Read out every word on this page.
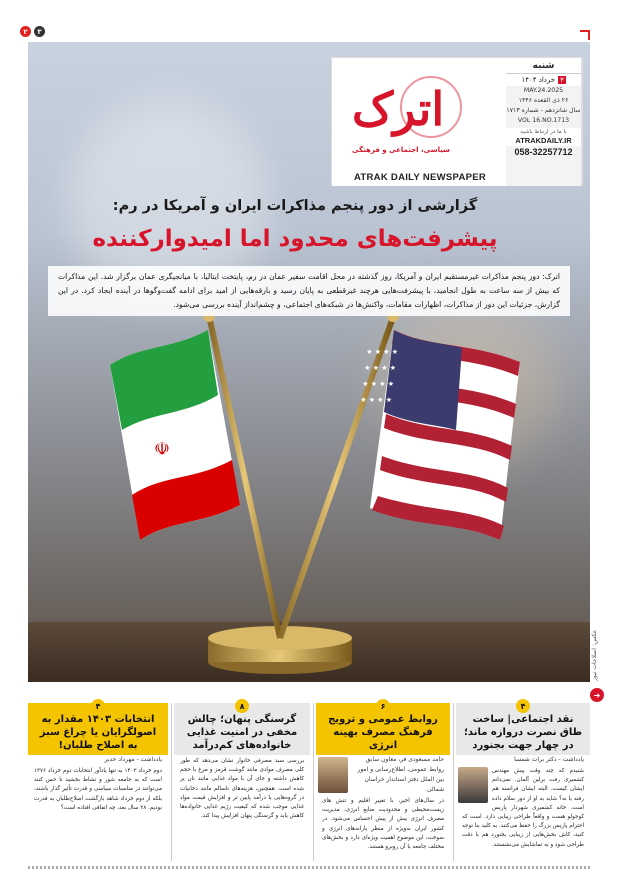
۲	۳
☫
★ ★ ★ ★
★ ★ ★ ★
★ ★ ★ ★
★ ★ ★ ★
اترک
سیاسی، اجتماعی و فرهنگی
ATRAK DAILY NEWSPAPER
شنبه
۳
خرداد ۱۴۰۴
MAY.24.2025
۲۶ ذی القعده ۱۴۴۶
سال شانزدهم - شماره ۱۷۱۳
VOL 16.NO.1713
با ما در ارتباط باشید
ATRAKDAILY.IR
058-32257712
گزارشی از دور پنجم مذاکرات ایران و آمریکا در رم:
پیشرفت‌های محدود اما امیدوارکننده
اترک: دور پنجم مذاکرات غیرمستقیم ایران و آمریکا، روز گذشته در محل اقامت سفیر عمان در رم، پایتخت ایتالیا، با میانجیگری عمان برگزار شد. این مذاکرات که بیش از سه ساعت به طول انجامید، با پیشرفت‌هایی هرچند غیرقطعی به پایان رسید و بارقه‌هایی از امید برای ادامه گفت‌وگوها در آینده ایجاد کرد. در این گزارش، جزئیات این دور از مذاکرات، اظهارات مقامات، واکنش‌ها در شبکه‌های اجتماعی، و چشم‌انداز آینده بررسی می‌شود.
عکس: اصلاحات نیوز
➜
۴
نقد اجتماعی| ساخت طاق نصرت دروازه ماند؛ در چهار جهت بجنورد
یادداشت - دکتر برات شمسا
شنیدم که چند وقت پیش مهندس کشمیری رفت برلین آلمان. نمی‌دانم ایشان کیست. البته ایشان فرانسه هم رفته یا نه؟ شاید به او از دور سلام داده است. خانه کشمیری شهردار پاریس کوجولو هست و واقعاً طراحی زیبایی دارد. است که احترام پاریس بزرگ را حفظ می‌کنند. به کلید بنا توجه کنید، کاش بخش‌هایی از زیبایی بجنورد هم با دقت طراحی شود و به تماشایش می‌نشستند.
۶
روابط عمومی و ترویج فرهنگ مصرف بهینه انرژی
حامد مسعودی فر، معاون سابق روابط عمومی، اطلاع‌رسانی و امور بین الملل دفتر استاندار خراسان شمالی
در سال‌های اخیر، با تغییر اقلیم و تنش های زیست‌محیطی و محدودیت منابع انرژی، مدیریت مصرف انرژی بیش از پیش احساس می‌شود. در کشور ایران به‌ویژه از منظر یارانه‌های انرژی و سوخت، این موضوع اهمیت ویژه‌ای دارد و بخش‌های مختلف جامعه با آن روبرو هستند.
۸
گرسنگی پنهان؛ چالش مخفی در امنیت غذایی خانواده‌های کم‌درآمد
بررسی سبد مصرفی خانوار نشان می‌دهد که طور کلی مصرف موادی مانند گوشت قرمز و مرغ با حجم کاهش داشته و جای آن با مواد غذایی مانند نان پر شده است. همچنین، هزینه‌های ناسالم مانند دخانیات در گروه‌هایی با درآمد پایین تر و افزایش قیمت مواد غذایی موجب شده که کیفیت رژیم غذایی خانواده‌ها کاهش یابد و گرسنگی پنهان افزایش پیدا کند.
۴
انتخابات ۱۴۰۳ مقدار به اصولگرایان یا چراغ سبز به اصلاح طلبان!
یادداشت - مهرداد خدیر
دوم خرداد ۱۴۰۳ به تنها یادآور انتخابات دوم خرداد ۱۳۷۶ است که به جامعه شور و نشاط بخشید تا حس کنند می‌توانند در مناسبات سیاسی و قدرت تأثیر گذار باشند، بلکه از دوم خرداد شاهد بازگشت اصلاح‌طلبان به قدرت بودیم. ۲۸ سال بعد، چه اتفاقی افتاده است؟
